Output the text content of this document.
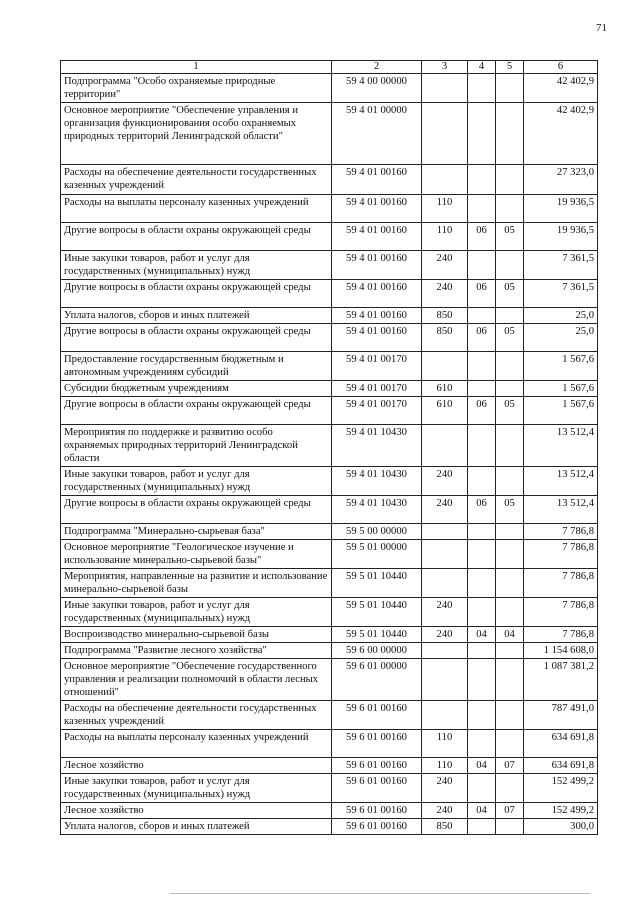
71
1	2	3	4	5	6
Подпрограмма "Особо охраняемые природные территории"	59 4 00 00000				42 402,9
Основное мероприятие "Обеспечение управления и организация функционирования особо охраняемых природных территорий Ленинградской области"	59 4 01 00000				42 402,9
Расходы на обеспечение деятельности государственных казенных учреждений	59 4 01 00160				27 323,0
Расходы на выплаты персоналу казенных учреждений	59 4 01 00160	110			19 936,5
Другие вопросы в области охраны окружающей среды	59 4 01 00160	110	06	05	19 936,5
Иные закупки товаров, работ и услуг для государственных (муниципальных) нужд	59 4 01 00160	240			7 361,5
Другие вопросы в области охраны окружающей среды	59 4 01 00160	240	06	05	7 361,5
Уплата налогов, сборов и иных платежей	59 4 01 00160	850			25,0
Другие вопросы в области охраны окружающей среды	59 4 01 00160	850	06	05	25,0
Предоставление государственным бюджетным и автономным учреждениям субсидий	59 4 01 00170				1 567,6
Субсидии бюджетным учреждениям	59 4 01 00170	610			1 567,6
Другие вопросы в области охраны окружающей среды	59 4 01 00170	610	06	05	1 567,6
Мероприятия по поддержке и развитию особо охраняемых природных территорий Ленинградской области	59 4 01 10430				13 512,4
Иные закупки товаров, работ и услуг для государственных (муниципальных) нужд	59 4 01 10430	240			13 512,4
Другие вопросы в области охраны окружающей среды	59 4 01 10430	240	06	05	13 512,4
Подпрограмма "Минерально-сырьевая база"	59 5 00 00000				7 786,8
Основное мероприятие "Геологическое изучение и использование минерально-сырьевой базы"	59 5 01 00000				7 786,8
Мероприятия, направленные на развитие и использование минерально-сырьевой базы	59 5 01 10440				7 786,8
Иные закупки товаров, работ и услуг для государственных (муниципальных) нужд	59 5 01 10440	240			7 786,8
Воспроизводство минерально-сырьевой базы	59 5 01 10440	240	04	04	7 786,8
Подпрограмма "Развитие лесного хозяйства"	59 6 00 00000				1 154 608,0
Основное мероприятие "Обеспечение государственного управления и реализации полномочий в области лесных отношений"	59 6 01 00000				1 087 381,2
Расходы на обеспечение деятельности государственных казенных учреждений	59 6 01 00160				787 491,0
Расходы на выплаты персоналу казенных учреждений	59 6 01 00160	110			634 691,8
Лесное хозяйство	59 6 01 00160	110	04	07	634 691,8
Иные закупки товаров, работ и услуг для государственных (муниципальных) нужд	59 6 01 00160	240			152 499,2
Лесное хозяйство	59 6 01 00160	240	04	07	152 499,2
Уплата налогов, сборов и иных платежей	59 6 01 00160	850			300,0
